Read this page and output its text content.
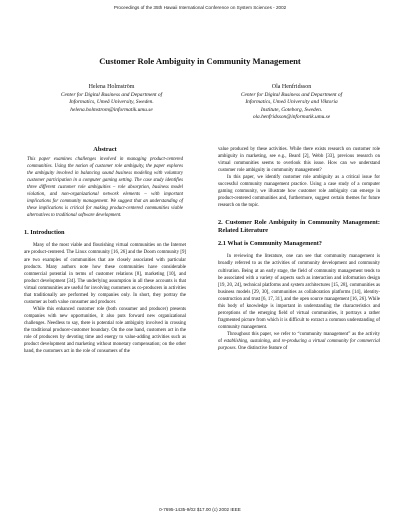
Proceedings of the 35th Hawaii International Conference on System Sciences - 2002
Customer Role Ambiguity in Community Management
Helena Holmström
Center for Digital Business and Department of
Informatics, Umeå University, Sweden.
helena.holmstrom@informatik.umu.se
Ola Henfridsson
Center for Digital Business and Department of
Informatics, Umeå University and Viktoria
Institute, Goteborg, Sweden.
ola.henfridsson@informatik.umu.se
Abstract
This paper examines challenges involved in managing product-centered communities. Using the notion of customer role ambiguity, the paper explores the ambiguity involved in balancing sound business modeling with voluntary customer participation in a computer gaming setting. The case study identifies three different customer role ambiguities – role absorption, business model violation, and non-organizational network elements – with important implications for community management. We suggest that an understanding of these implications is critical for making product-centered communities viable alternatives to traditional software development.
1. Introduction

Many of the most viable and flourishing virtual communities on the Internet are product-centered. The Linux community [16, 26] and the Doom community [9] are two examples of communities that are closely associated with particular products. Many authors note how these communities have considerable commercial potential in terms of customer relations [8], marketing [10], and product development [34]. The underlying assumption in all these accounts is that virtual communities are useful for involving customers as co-producers in activities that traditionally are performed by companies only. In short, they portray the customer as both value consumer and producer.

While this enhanced customer role (both consumer and producer) presents companies with new opportunities, it also puts forward new organizational challenges. Needless to say, there is potential role ambiguity involved in crossing the traditional producer-customer boundary. On the one hand, customers act in the role of producers by devoting time and energy to value-adding activities such as product development and marketing without monetary compensation; on the other hand, the customers act in the role of consumers of the

value produced by these activities. While there exists research on customer role ambiguity in marketing, see e.g., Beard [2], Webb [33], previous research on virtual communities seems to overlook this issue. How can we understand customer role ambiguity in community management?

In this paper, we identify customer role ambiguity as a critical issue for successful community management practice. Using a case study of a computer gaming community, we illustrate how customer role ambiguity can emerge in product-centered communities and, furthermore, suggest certain themes for future research on the topic.

2. Customer Role Ambiguity in Community Management: Related Literature
2.1 What is Community Management?

In reviewing the literature, one can see that community management is broadly referred to as the activities of community development and community cultivation. Being at an early stage, the field of community management tends to be associated with a variety of aspects such as interaction and information design [19, 20, 24], technical platforms and system architectures [15, 28], communities as business models [29, 30], communities as collaboration platforms [14], identity-construction and trust [6, 17, 31], and the open source management [16, 26]. While this body of knowledge is important in understanding the characteristics and perceptions of the emerging field of virtual communities, it portrays a rather fragmented picture from which it is difficult to extract a common understanding of community management.

Throughout this paper, we refer to “community management” as the activity of establishing, sustaining, and re-producing a virtual community for commercial purposes. One distinctive feature of

0-7695-1435-9/02 $17.00 (c) 2002 IEEE
